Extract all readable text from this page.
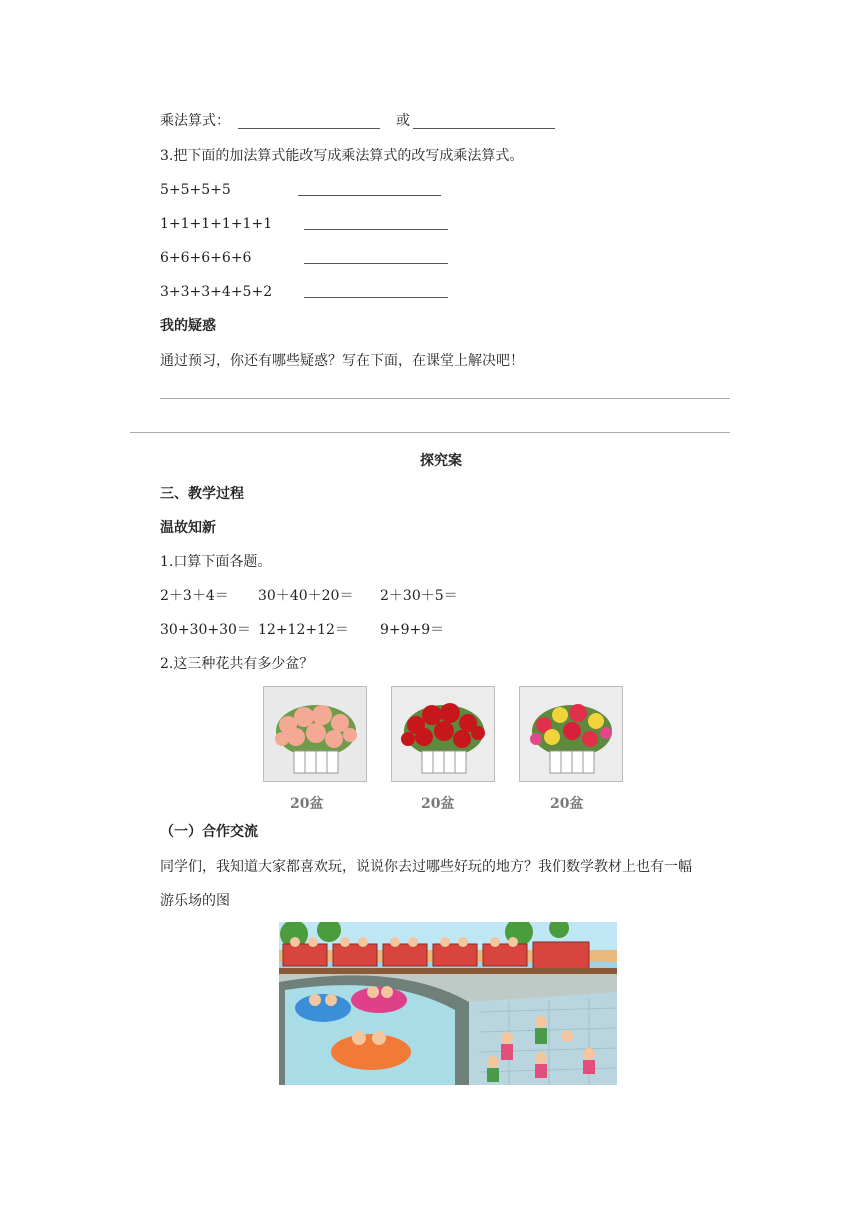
乘法算式：	或
3.把下面的加法算式能改写成乘法算式的改写成乘法算式。
5+5+5+5
1+1+1+1+1+1
6+6+6+6+6
3+3+3+4+5+2
我的疑惑
通过预习，你还有哪些疑惑？写在下面，在课堂上解决吧！
探究案
三、教学过程
温故知新
1.口算下面各题。
2＋3＋4＝ 30＋40＋20＝ 2＋30＋5＝
30+30+30＝ 12+12+12＝ 9+9+9＝
2.这三种花共有多少盆？
20盆	20盆	20盆
（一）合作交流
同学们，我知道大家都喜欢玩，说说你去过哪些好玩的地方？我们数学教材上也有一幅
游乐场的图
